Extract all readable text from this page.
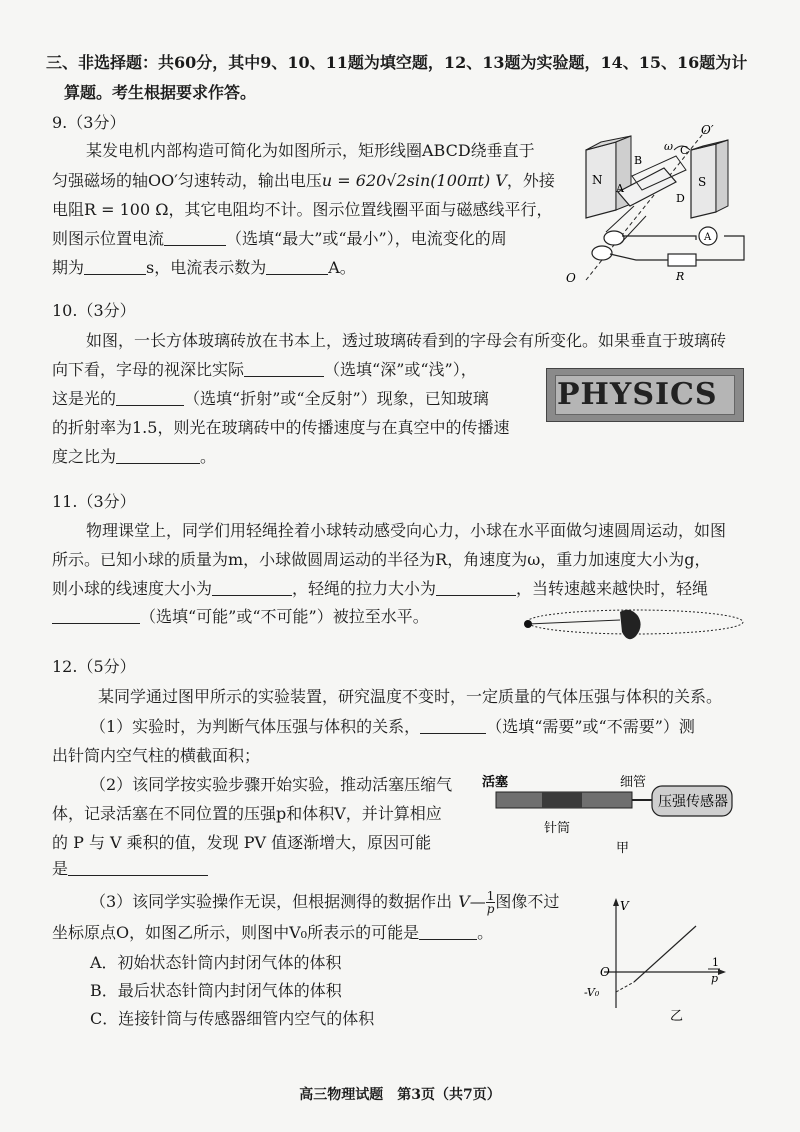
三、非选择题：共60分，其中9、10、11题为填空题，12、13题为实验题，14、15、16题为计
算题。考生根据要求作答。
9.（3分）
某发电机内部构造可简化为如图所示，矩形线圈ABCD绕垂直于
匀强磁场的轴OO′匀速转动，输出电压u = 620√2sin(100πt) V，外接
电阻R = 100 Ω，其它电阻均不计。图示位置线圈平面与磁感线平行，
则图示位置电流	（选填“最大”或“最小”），电流变化的周
期为	s，电流表示数为	A。
O′
ω
N	S
A
B
C
D
A
R
O
10.（3分）
如图，一长方体玻璃砖放在书本上，透过玻璃砖看到的字母会有所变化。如果垂直于玻璃砖
向下看，字母的视深比实际	（选填“深”或“浅”），
这是光的	（选填“折射”或“全反射”）现象，已知玻璃
的折射率为1.5，则光在玻璃砖中的传播速度与在真空中的传播速
度之比为	。
PHYSICS
11.（3分）
物理课堂上，同学们用轻绳拴着小球转动感受向心力，小球在水平面做匀速圆周运动，如图
所示。已知小球的质量为m，小球做圆周运动的半径为R，角速度为ω，重力加速度大小为g，
则小球的线速度大小为	，轻绳的拉力大小为	，当转速越来越快时，轻绳
（选填“可能”或“不可能”）被拉至水平。
12.（5分）
某同学通过图甲所示的实验装置，研究温度不变时，一定质量的气体压强与体积的关系。
（1）实验时，为判断气体压强与体积的关系，	（选填“需要”或“不需要”）测
出针筒内空气柱的横截面积；
（2）该同学按实验步骤开始实验，推动活塞压缩气
体，记录活塞在不同位置的压强p和体积V，并计算相应
的 P 与 V 乘积的值，发现 PV 值逐渐增大，原因可能
是
活塞	细管
压强传感器
针筒
甲
（3）该同学实验操作无误，但根据测得的数据作出 V— $\frac{1}{p}$ 图像不过
坐标原点O，如图乙所示，则图中V₀所表示的可能是	。
A．初始状态针筒内封闭气体的体积
B．最后状态针筒内封闭气体的体积
C．连接针筒与传感器细管内空气的体积
V
O
-V₀
1
p
乙
高三物理试题　第3页（共7页）
